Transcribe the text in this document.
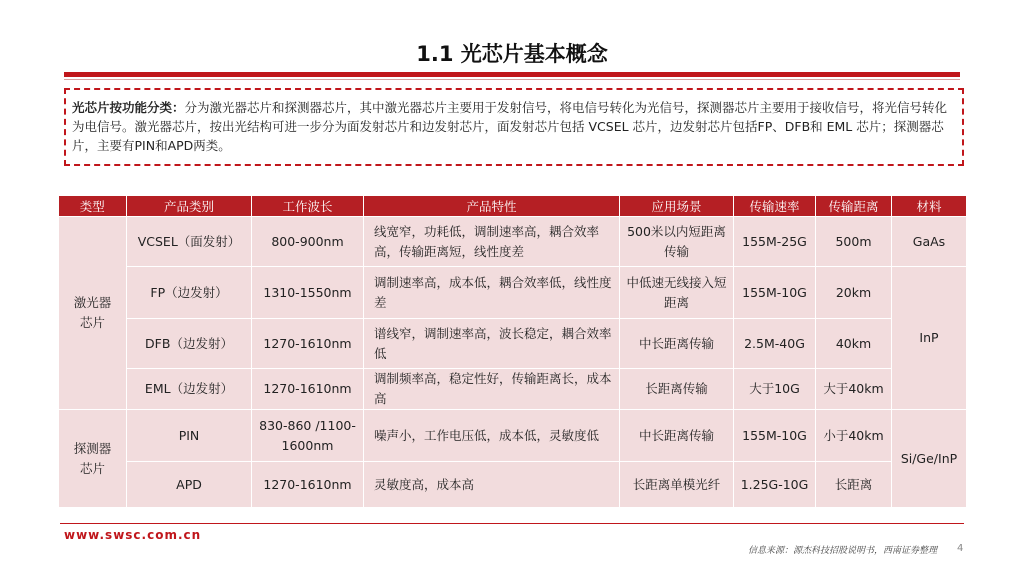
1.1 光芯片基本概念
光芯片按功能分类：分为激光器芯片和探测器芯片，其中激光器芯片主要用于发射信号，将电信号转化为光信号，探测器芯片主要用于接收信号，将光信号转化为电信号。激光器芯片，按出光结构可进一步分为面发射芯片和边发射芯片，面发射芯片包括 VCSEL 芯片，边发射芯片包括FP、DFB和 EML 芯片；探测器芯片，主要有PIN和APD两类。
类型	产品类别	工作波长	产品特性	应用场景	传输速率	传输距离	材料
激光器芯片	VCSEL（面发射）	800-900nm	线宽窄，功耗低，调制速率高，耦合效率高，传输距离短，线性度差	500米以内短距离传输	155M-25G	500m	GaAs
	FP（边发射）	1310-1550nm	调制速率高，成本低，耦合效率低，线性度差	中低速无线接入短距离	155M-10G	20km	InP
	DFB（边发射）	1270-1610nm	谱线窄，调制速率高，波长稳定，耦合效率低	中长距离传输	2.5M-40G	40km	
	EML（边发射）	1270-1610nm	调制频率高，稳定性好，传输距离长，成本高	长距离传输	大于10G	大于40km	
探测器芯片	PIN	830-860 /1100-1600nm	噪声小，工作电压低，成本低，灵敏度低	中长距离传输	155M-10G	小于40km	Si/Ge/InP
	APD	1270-1610nm	灵敏度高，成本高	长距离单模光纤	1.25G-10G	长距离	
www.swsc.com.cn
信息来源：源杰科技招股说明书，西南证券整理 4
